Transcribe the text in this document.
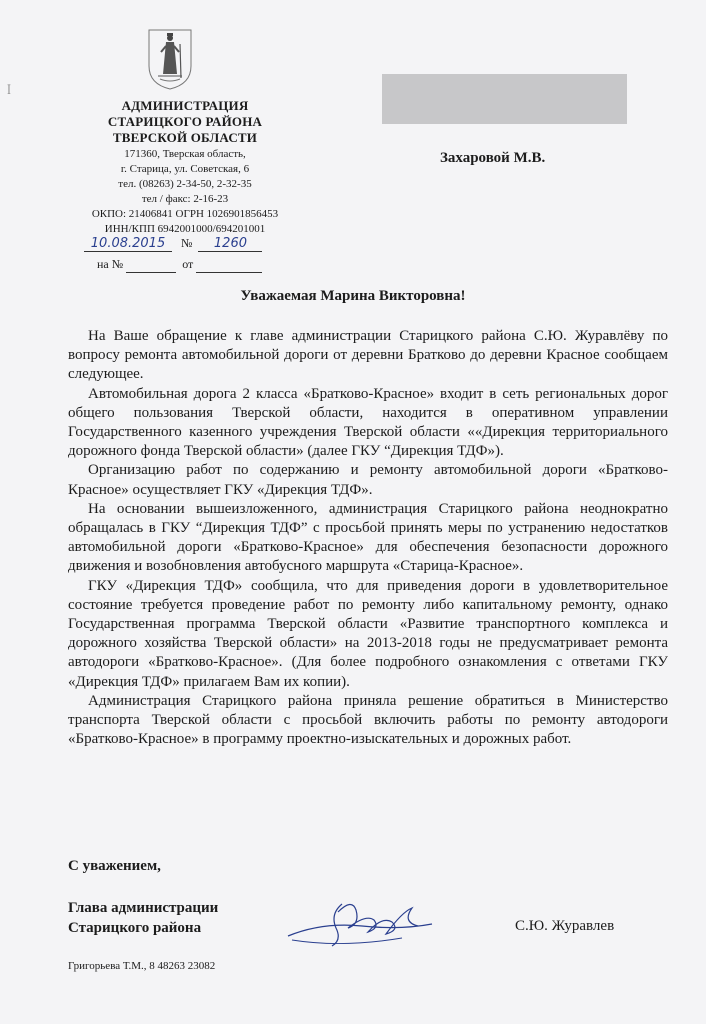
ꟾ
АДМИНИСТРАЦИЯ
СТАРИЦКОГО РАЙОНА
ТВЕРСКОЙ ОБЛАСТИ
171360, Тверская область,
г. Старица, ул. Советская, 6
тел. (08263) 2-34-50, 2-32-35
тел / факс: 2-16-23
ОКПО: 21406841 ОГРН 1026901856453
ИНН/КПП 6942001000/694201001
10.08.2015 № 1260
на №	от
Захаровой М.В.
Уважаемая Марина Викторовна!

На Ваше обращение к главе администрации Старицкого района С.Ю. Журавлёву по вопросу ремонта автомобильной дороги от деревни Братково до деревни Красное сообщаем следующее.

Автомобильная дорога 2 класса «Братково-Красное» входит в сеть региональных дорог общего пользования Тверской области, находится в оперативном управлении Государственного казенного учреждения Тверской области ««Дирекция территориального дорожного фонда Тверской области» (далее ГКУ “Дирекция ТДФ»).

Организацию работ по содержанию и ремонту автомобильной дороги «Братково-Красное» осуществляет ГКУ «Дирекция ТДФ».

На основании вышеизложенного, администрация Старицкого района неоднократно обращалась в ГКУ “Дирекция ТДФ” с просьбой принять меры по устранению недостатков автомобильной дороги «Братково-Красное» для обеспечения безопасности дорожного движения и возобновления автобусного маршрута «Старица-Красное».

ГКУ «Дирекция ТДФ» сообщила, что для приведения дороги в удовлетворительное состояние требуется проведение работ по ремонту либо капитальному ремонту, однако Государственная программа Тверской области «Развитие транспортного комплекса и дорожного хозяйства Тверской области» на 2013-2018 годы не предусматривает ремонта автодороги «Братково-Красное». (Для более подробного ознакомления с ответами ГКУ «Дирекция ТДФ» прилагаем Вам их копии).

Администрация Старицкого района приняла решение обратиться в Министерство транспорта Тверской области с просьбой включить работы по ремонту автодороги «Братково-Красное» в программу проектно-изыскательных и дорожных работ.

С уважением,
Глава администрации
Старицкого района	С.Ю. Журавлев
Григорьева Т.М., 8 48263 23082
